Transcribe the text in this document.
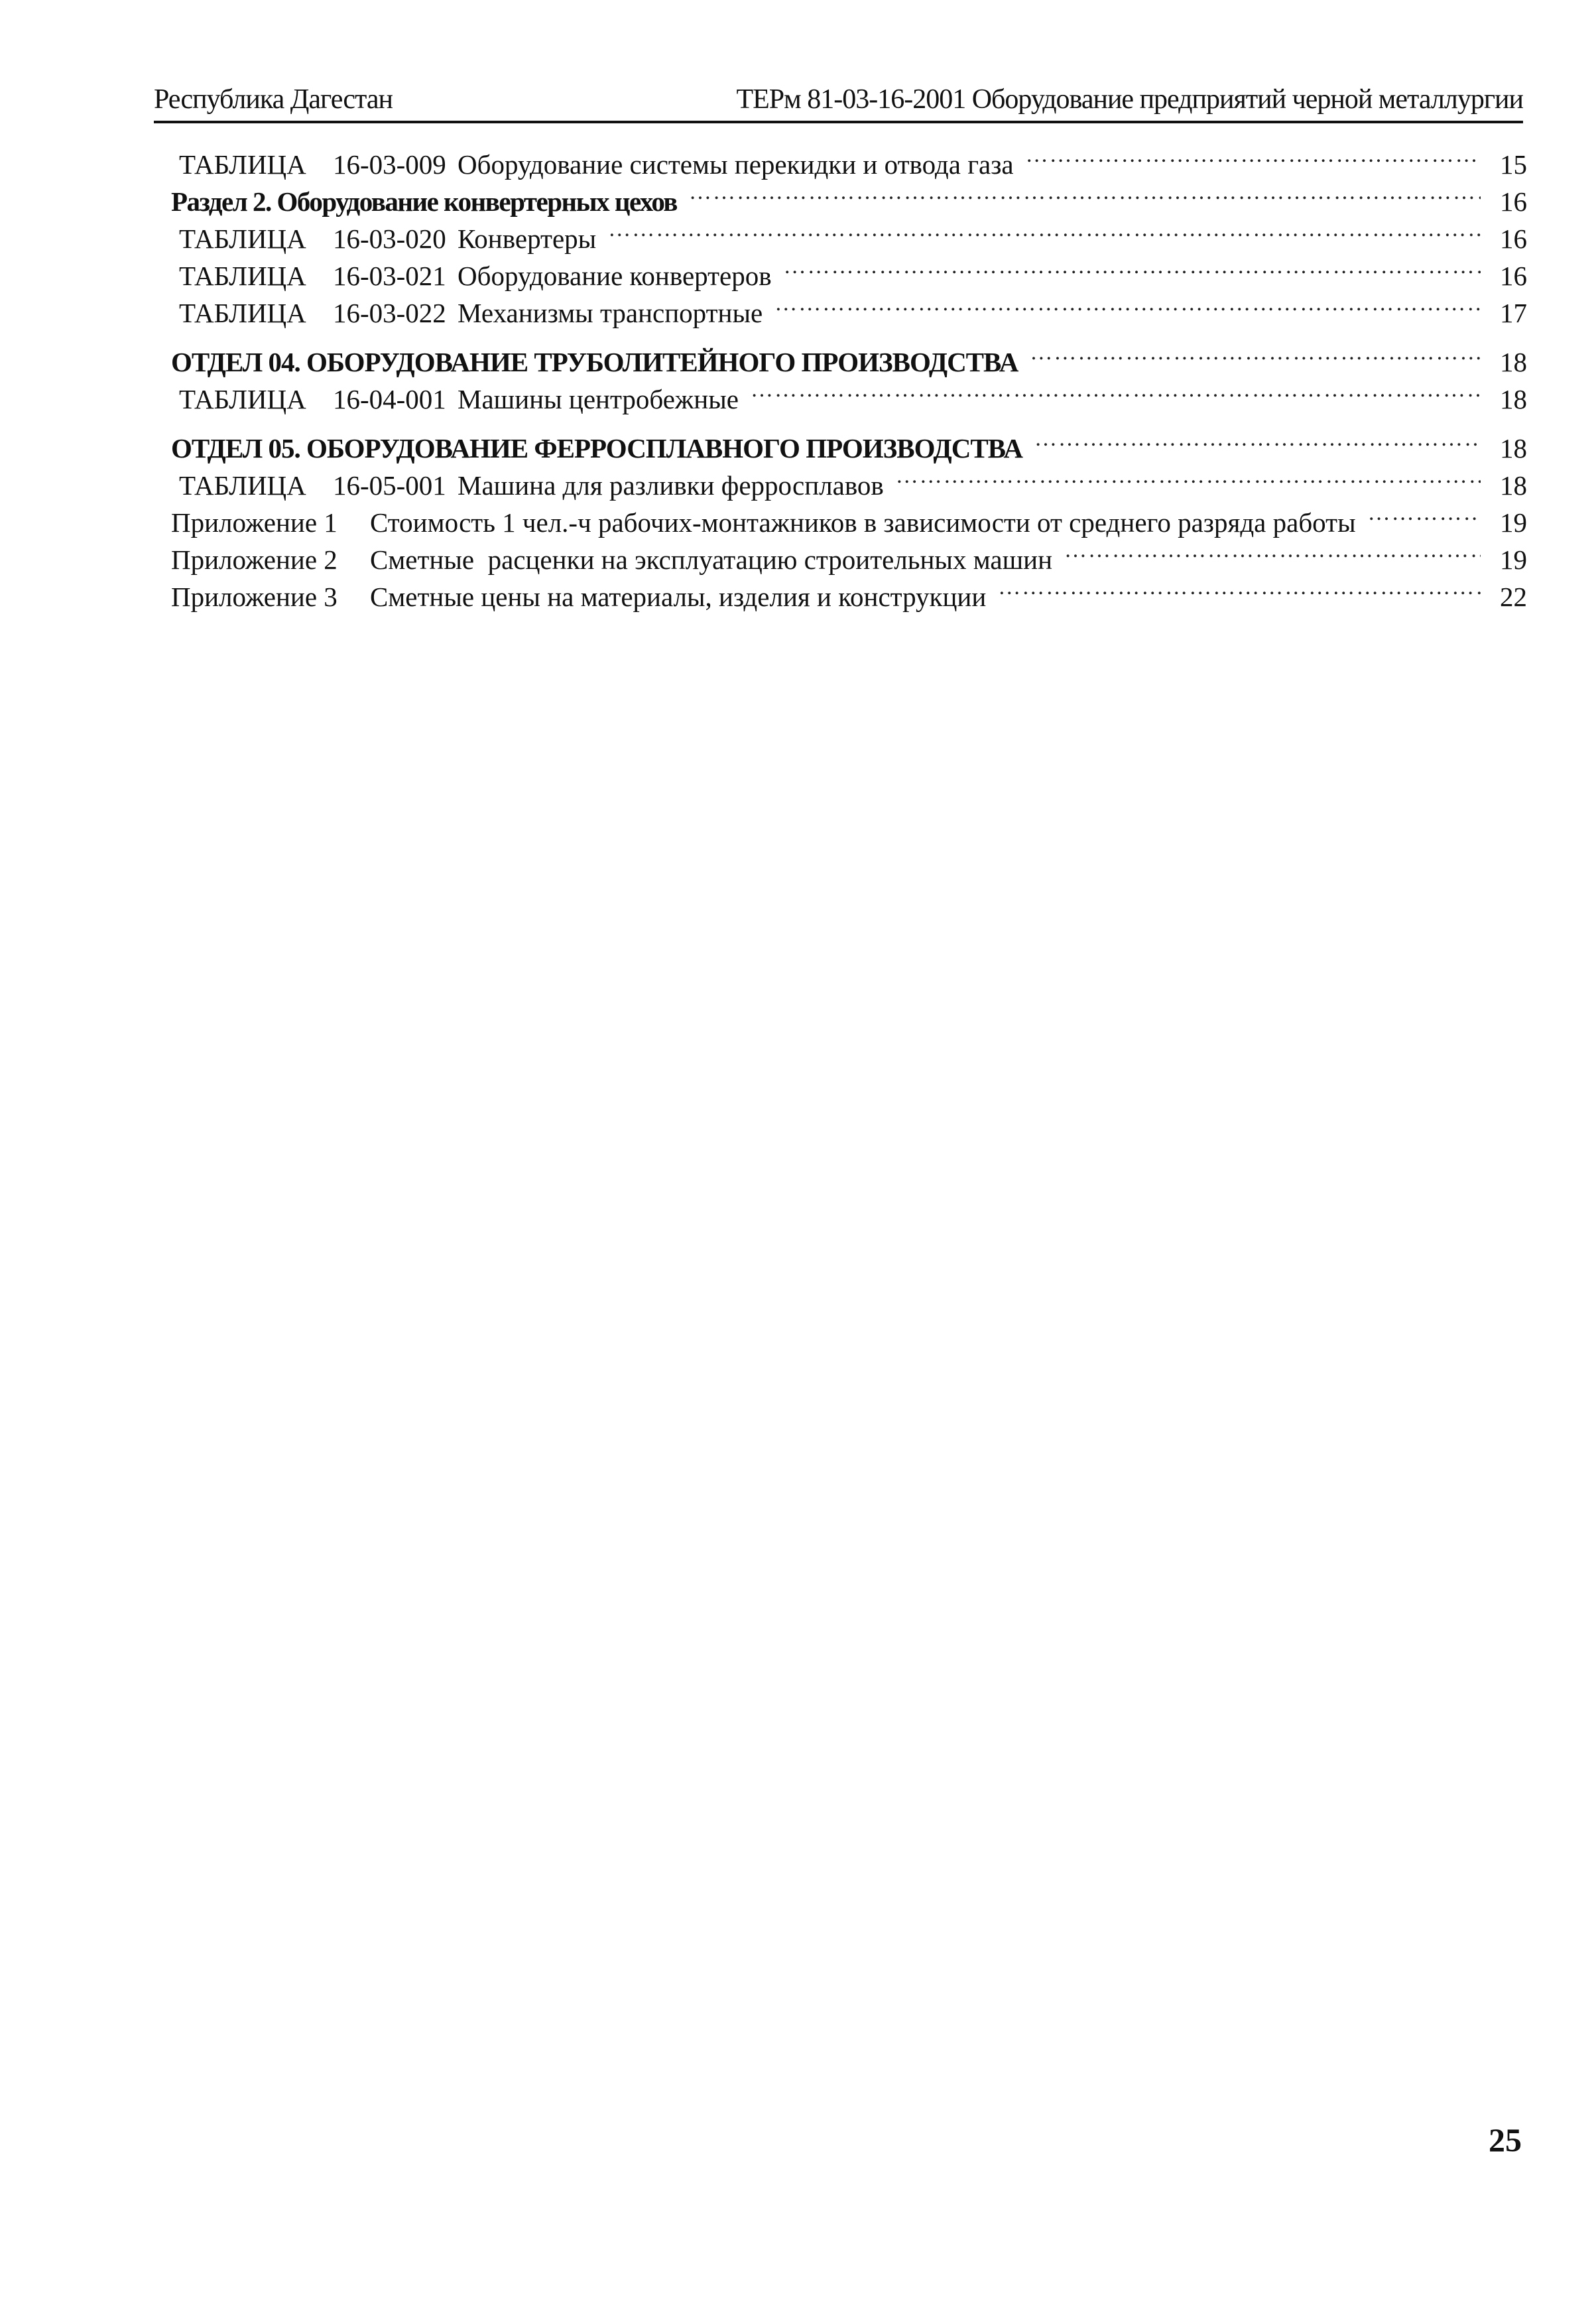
Республика Дагестан	ТЕРм 81-03-16-2001 Оборудование предприятий черной металлургии
ТАБЛИЦА 16-03-009 Оборудование системы перекидки и отвода газа ………………………………………………………………………………………………………………………………………………………………………………………………………………………………	15
Раздел 2. Оборудование конвертерных цехов ………………………………………………………………………………………………………………………………………………………………………………………………………………………………	16
ТАБЛИЦА 16-03-020 Конвертеры ………………………………………………………………………………………………………………………………………………………………………………………………………………………………	16
ТАБЛИЦА 16-03-021 Оборудование конвертеров ………………………………………………………………………………………………………………………………………………………………………………………………………………………………	16
ТАБЛИЦА 16-03-022 Механизмы транспортные ………………………………………………………………………………………………………………………………………………………………………………………………………………………………	17
ОТДЕЛ 04. ОБОРУДОВАНИЕ ТРУБОЛИТЕЙНОГО ПРОИЗВОДСТВА ………………………………………………………………………………………………………………………………………………………………………………………………………………………………	18
ТАБЛИЦА 16-04-001 Машины центробежные ………………………………………………………………………………………………………………………………………………………………………………………………………………………………	18
ОТДЕЛ 05. ОБОРУДОВАНИЕ ФЕРРОСПЛАВНОГО ПРОИЗВОДСТВА ………………………………………………………………………………………………………………………………………………………………………………………………………………………………	18
ТАБЛИЦА 16-05-001 Машина для разливки ферросплавов ………………………………………………………………………………………………………………………………………………………………………………………………………………………………	18
Приложение 1	Стоимость 1 чел.-ч рабочих-монтажников в зависимости от среднего разряда работы ………………………………………………………………………………………………………………………………………………………………………………………………………………………………	19
Приложение 2	Сметные  расценки на эксплуатацию строительных машин ………………………………………………………………………………………………………………………………………………………………………………………………………………………………	19
Приложение 3	Сметные цены на материалы, изделия и конструкции ………………………………………………………………………………………………………………………………………………………………………………………………………………………………	22
25
